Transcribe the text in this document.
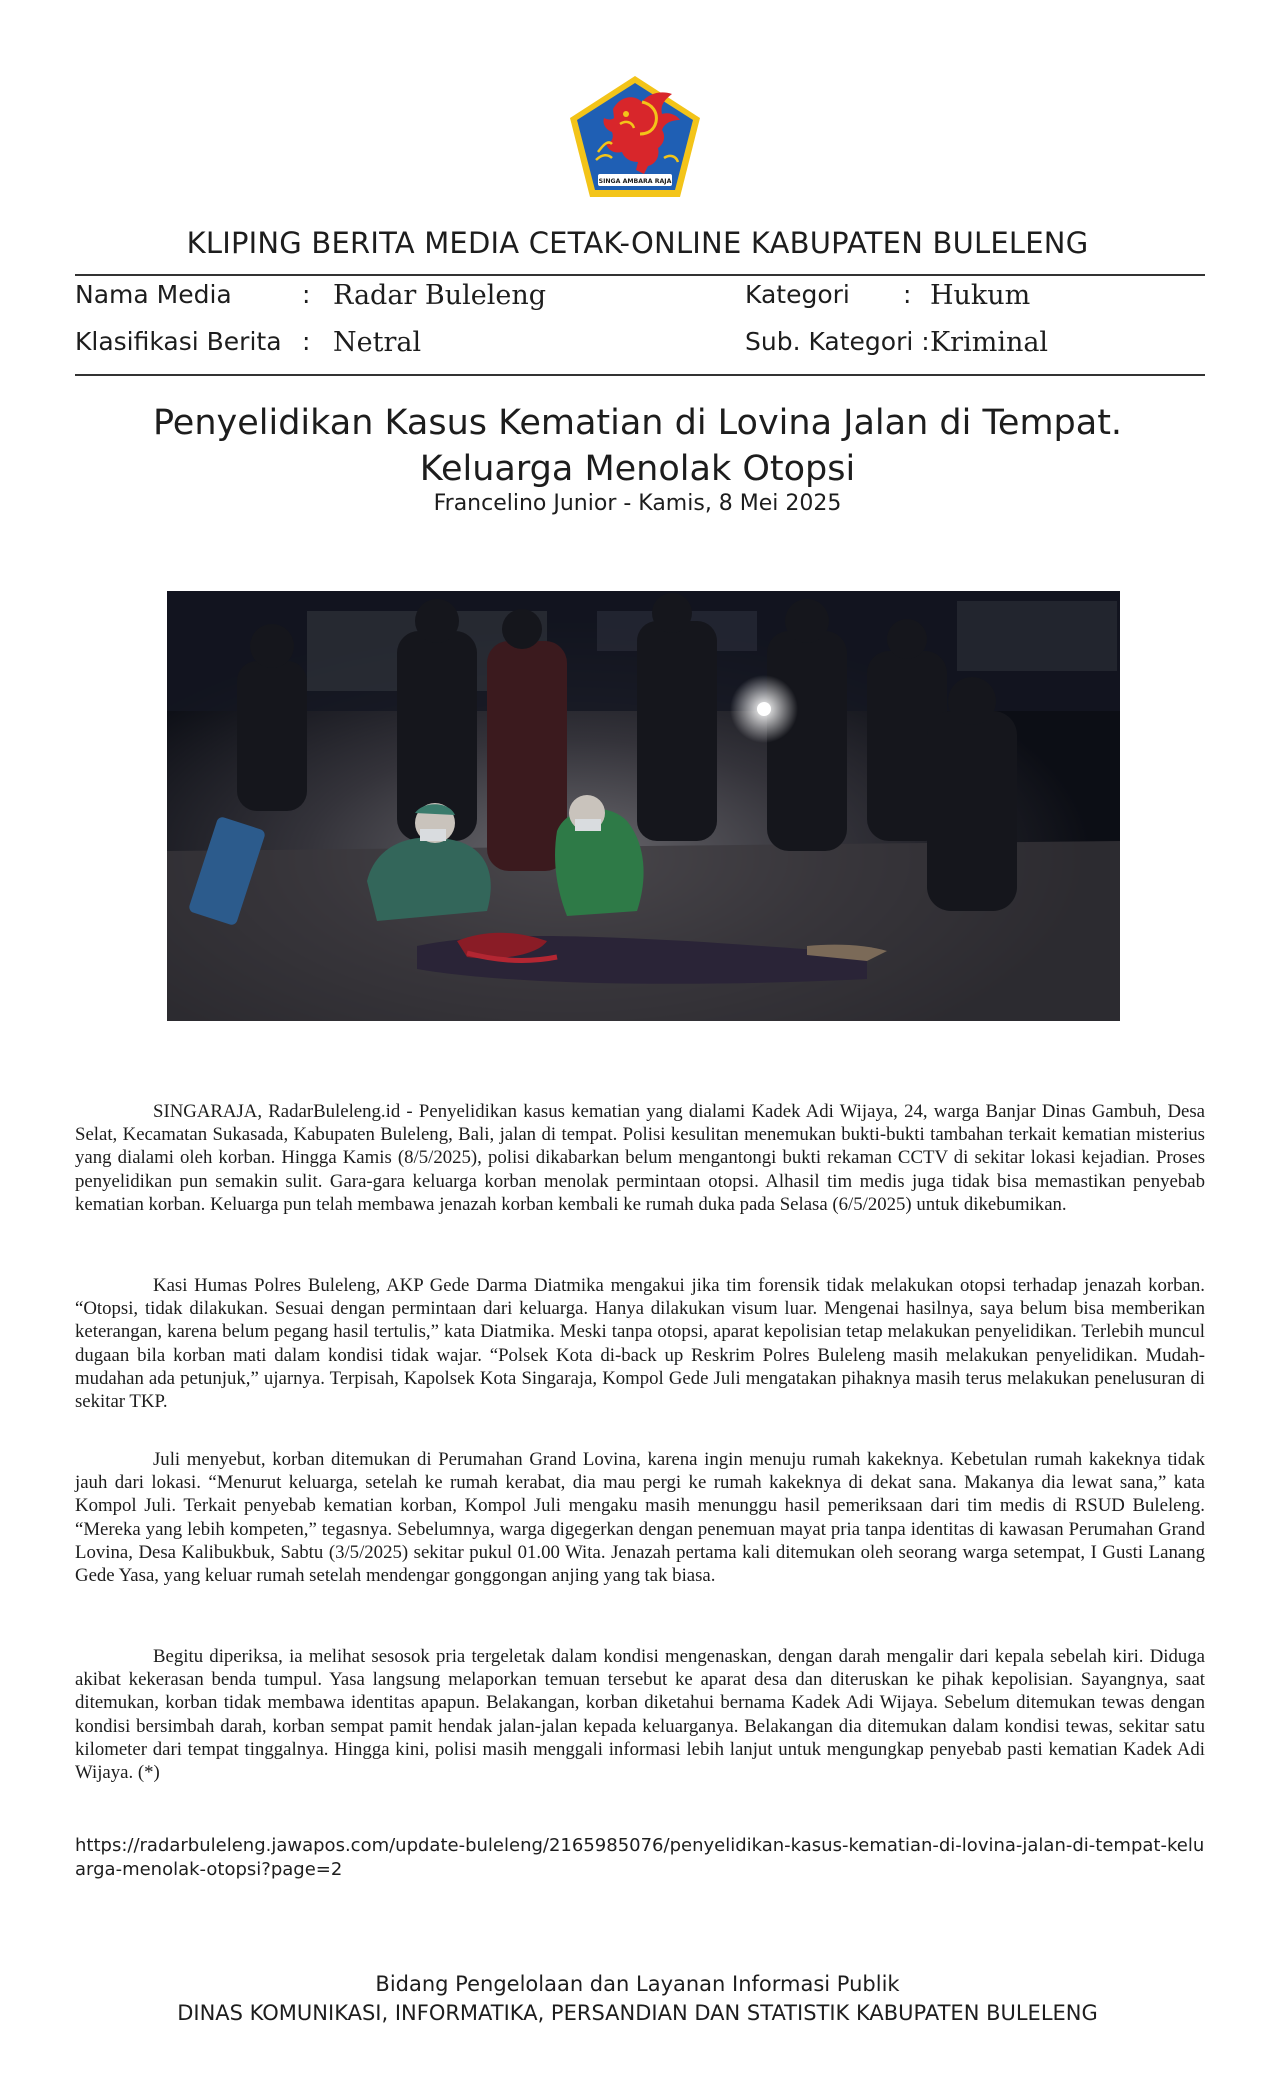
SINGA AMBARA RAJA
KLIPING BERITA MEDIA CETAK-ONLINE KABUPATEN BULELENG
Nama Media	: Radar Buleleng	Kategori : Hukum
Klasifikasi Berita : Netral	Sub. Kategori : Kriminal
Penyelidikan Kasus Kematian di Lovina Jalan di Tempat.
Keluarga Menolak Otopsi
Francelino Junior - Kamis, 8 Mei 2025

SINGARAJA, RadarBuleleng.id - Penyelidikan kasus kematian yang dialami Kadek Adi Wijaya, 24, warga Banjar Dinas Gambuh, Desa Selat, Kecamatan Sukasada, Kabupaten Buleleng, Bali, jalan di tempat. Polisi kesulitan menemukan bukti-bukti tambahan terkait kematian misterius yang dialami oleh korban. Hingga Kamis (8/5/2025), polisi dikabarkan belum mengantongi bukti rekaman CCTV di sekitar lokasi kejadian. Proses penyelidikan pun semakin sulit. Gara-gara keluarga korban menolak permintaan otopsi. Alhasil tim medis juga tidak bisa memastikan penyebab kematian korban. Keluarga pun telah membawa jenazah korban kembali ke rumah duka pada Selasa (6/5/2025) untuk dikebumikan.

Kasi Humas Polres Buleleng, AKP Gede Darma Diatmika mengakui jika tim forensik tidak melakukan otopsi terhadap jenazah korban. “Otopsi, tidak dilakukan. Sesuai dengan permintaan dari keluarga. Hanya dilakukan visum luar. Mengenai hasilnya, saya belum bisa memberikan keterangan, karena belum pegang hasil tertulis,” kata Diatmika. Meski tanpa otopsi, aparat kepolisian tetap melakukan penyelidikan. Terlebih muncul dugaan bila korban mati dalam kondisi tidak wajar. “Polsek Kota di-back up Reskrim Polres Buleleng masih melakukan penyelidikan. Mudah-mudahan ada petunjuk,” ujarnya. Terpisah, Kapolsek Kota Singaraja, Kompol Gede Juli mengatakan pihaknya masih terus melakukan penelusuran di sekitar TKP.

Juli menyebut, korban ditemukan di Perumahan Grand Lovina, karena ingin menuju rumah kakeknya. Kebetulan rumah kakeknya tidak jauh dari lokasi. “Menurut keluarga, setelah ke rumah kerabat, dia mau pergi ke rumah kakeknya di dekat sana. Makanya dia lewat sana,” kata Kompol Juli. Terkait penyebab kematian korban, Kompol Juli mengaku masih menunggu hasil pemeriksaan dari tim medis di RSUD Buleleng. “Mereka yang lebih kompeten,” tegasnya. Sebelumnya, warga digegerkan dengan penemuan mayat pria tanpa identitas di kawasan Perumahan Grand Lovina, Desa Kalibukbuk, Sabtu (3/5/2025) sekitar pukul 01.00 Wita. Jenazah pertama kali ditemukan oleh seorang warga setempat, I Gusti Lanang Gede Yasa, yang keluar rumah setelah mendengar gonggongan anjing yang tak biasa.

Begitu diperiksa, ia melihat sesosok pria tergeletak dalam kondisi mengenaskan, dengan darah mengalir dari kepala sebelah kiri. Diduga akibat kekerasan benda tumpul. Yasa langsung melaporkan temuan tersebut ke aparat desa dan diteruskan ke pihak kepolisian. Sayangnya, saat ditemukan, korban tidak membawa identitas apapun. Belakangan, korban diketahui bernama Kadek Adi Wijaya. Sebelum ditemukan tewas dengan kondisi bersimbah darah, korban sempat pamit hendak jalan-jalan kepada keluarganya. Belakangan dia ditemukan dalam kondisi tewas, sekitar satu kilometer dari tempat tinggalnya. Hingga kini, polisi masih menggali informasi lebih lanjut untuk mengungkap penyebab pasti kematian Kadek Adi Wijaya. (*)

https://radarbuleleng.jawapos.com/update-buleleng/2165985076/penyelidikan-kasus-kematian-di-lovina-jalan-di-tempat-keluarga-menolak-otopsi?page=2

Bidang Pengelolaan dan Layanan Informasi Publik
DINAS KOMUNIKASI, INFORMATIKA, PERSANDIAN DAN STATISTIK KABUPATEN BULELENG
